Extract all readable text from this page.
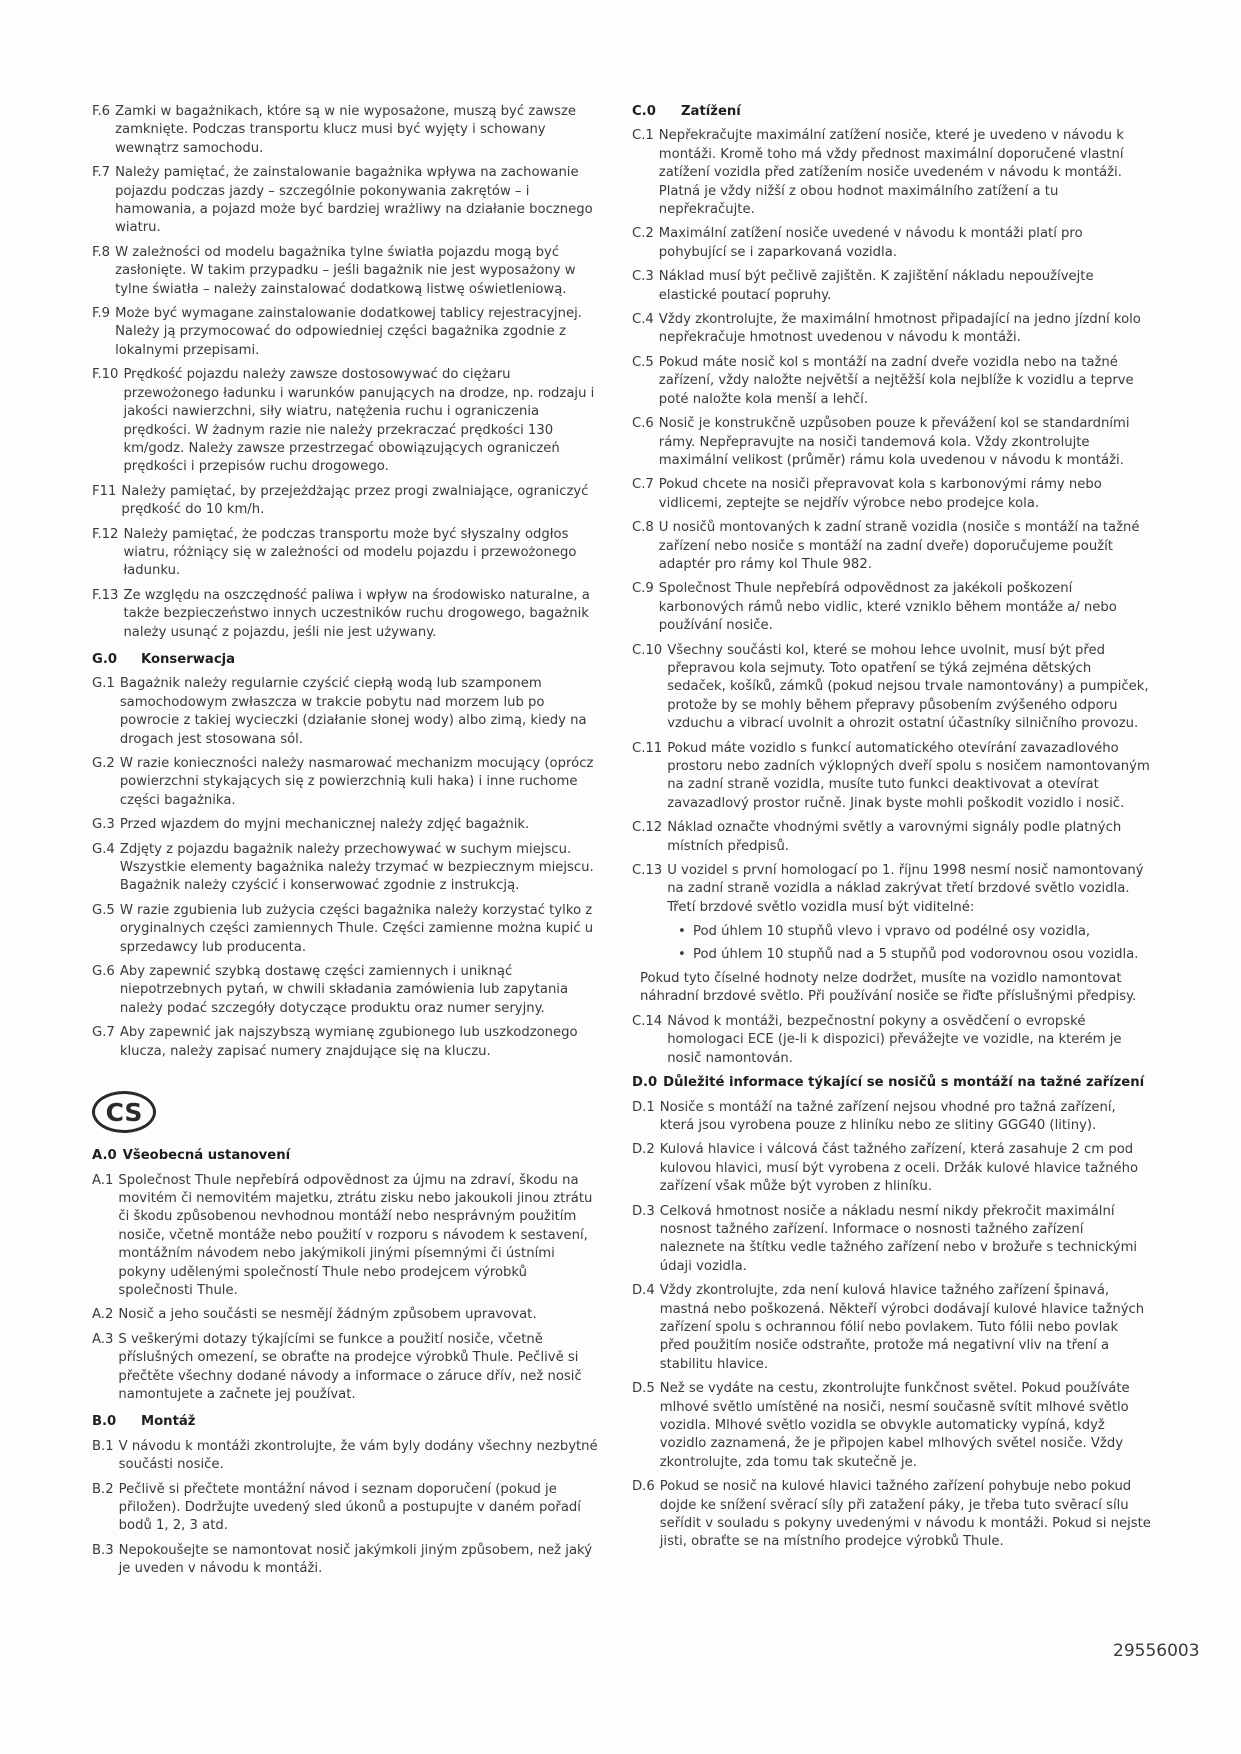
F.6 Zamki w bagażnikach, które są w nie wyposażone, muszą być zawsze zamknięte. Podczas transportu klucz musi być wyjęty i schowany wewnątrz samochodu.
F.7 Należy pamiętać, że zainstalowanie bagażnika wpływa na zachowanie pojazdu podczas jazdy – szczególnie pokonywania zakrętów – i hamowania, a pojazd może być bardziej wrażliwy na działanie bocznego wiatru.
F.8 W zależności od modelu bagażnika tylne światła pojazdu mogą być zasłonięte. W takim przypadku – jeśli bagażnik nie jest wyposażony w tylne światła – należy zainstalować dodatkową listwę oświetleniową.
F.9 Może być wymagane zainstalowanie dodatkowej tablicy rejestracyjnej. Należy ją przymocować do odpowiedniej części bagażnika zgodnie z lokalnymi przepisami.
F.10 Prędkość pojazdu należy zawsze dostosowywać do ciężaru przewożonego ładunku i warunków panujących na drodze, np. rodzaju i jakości nawierzchni, siły wiatru, natężenia ruchu i ograniczenia prędkości. W żadnym razie nie należy przekraczać prędkości 130 km/godz. Należy zawsze przestrzegać obowiązujących ograniczeń prędkości i przepisów ruchu drogowego.
F11 Należy pamiętać, by przejeżdżając przez progi zwalniające, ograniczyć prędkość do 10 km/h.
F.12 Należy pamiętać, że podczas transportu może być słyszalny odgłos wiatru, różniący się w zależności od modelu pojazdu i przewożonego ładunku.
F.13 Ze względu na oszczędność paliwa i wpływ na środowisko naturalne, a także bezpieczeństwo innych uczestników ruchu drogowego, bagażnik należy usunąć z pojazdu, jeśli nie jest używany.
G.0	Konserwacja
G.1 Bagażnik należy regularnie czyścić ciepłą wodą lub szamponem samochodowym zwłaszcza w trakcie pobytu nad morzem lub po powrocie z takiej wycieczki (działanie słonej wody) albo zimą, kiedy na drogach jest stosowana sól.
G.2 W razie konieczności należy nasmarować mechanizm mocujący (oprócz powierzchni stykających się z powierzchnią kuli haka) i inne ruchome części bagażnika.
G.3 Przed wjazdem do myjni mechanicznej należy zdjęć bagażnik.
G.4 Zdjęty z pojazdu bagażnik należy przechowywać w suchym miejscu. Wszystkie elementy bagażnika należy trzymać w bezpiecznym miejscu. Bagażnik należy czyścić i konserwować zgodnie z instrukcją.
G.5 W razie zgubienia lub zużycia części bagażnika należy korzystać tylko z oryginalnych części zamiennych Thule. Części zamienne można kupić u sprzedawcy lub producenta.
G.6 Aby zapewnić szybką dostawę części zamiennych i uniknąć niepotrzebnych pytań, w chwili składania zamówienia lub zapytania należy podać szczegóły dotyczące produktu oraz numer seryjny.
G.7 Aby zapewnić jak najszybszą wymianę zgubionego lub uszkodzonego klucza, należy zapisać numery znajdujące się na kluczu.
CS
A.0 Všeobecná ustanovení
A.1 Společnost Thule nepřebírá odpovědnost za újmu na zdraví, škodu na movitém či nemovitém majetku, ztrátu zisku nebo jakoukoli jinou ztrátu či škodu způsobenou nevhodnou montáží nebo nesprávným použitím nosiče, včetně montáže nebo použití v rozporu s návodem k sestavení, montážním návodem nebo jakýmikoli jinými písemnými či ústními pokyny udělenými společností Thule nebo prodejcem výrobků společnosti Thule.
A.2 Nosič a jeho součásti se nesmějí žádným způsobem upravovat.
A.3 S veškerými dotazy týkajícími se funkce a použití nosiče, včetně příslušných omezení, se obraťte na prodejce výrobků Thule. Pečlivě si přečtěte všechny dodané návody a informace o záruce dřív, než nosič namontujete a začnete jej používat.
B.0	Montáž
B.1 V návodu k montáži zkontrolujte, že vám byly dodány všechny nezbytné součásti nosiče.
B.2 Pečlivě si přečtete montážní návod i seznam doporučení (pokud je přiložen). Dodržujte uvedený sled úkonů a postupujte v daném pořadí bodů 1, 2, 3 atd.
B.3 Nepokoušejte se namontovat nosič jakýmkoli jiným způsobem, než jaký je uveden v návodu k montáži.
C.0	Zatížení
C.1 Nepřekračujte maximální zatížení nosiče, které je uvedeno v návodu k montáži. Kromě toho má vždy přednost maximální doporučené vlastní zatížení vozidla před zatížením nosiče uvedeném v návodu k montáži. Platná je vždy nižší z obou hodnot maximálního zatížení a tu nepřekračujte.
C.2 Maximální zatížení nosiče uvedené v návodu k montáži platí pro pohybující se i zaparkovaná vozidla.
C.3 Náklad musí být pečlivě zajištěn. K zajištění nákladu nepoužívejte elastické poutací popruhy.
C.4 Vždy zkontrolujte, že maximální hmotnost připadající na jedno jízdní kolo nepřekračuje hmotnost uvedenou v návodu k montáži.
C.5 Pokud máte nosič kol s montáží na zadní dveře vozidla nebo na tažné zařízení, vždy naložte největší a nejtěžší kola nejblíže k vozidlu a teprve poté naložte kola menší a lehčí.
C.6 Nosič je konstrukčně uzpůsoben pouze k převážení kol se standardními rámy. Nepřepravujte na nosiči tandemová kola. Vždy zkontrolujte maximální velikost (průměr) rámu kola uvedenou v návodu k montáži.
C.7 Pokud chcete na nosiči přepravovat kola s karbonovými rámy nebo vidlicemi, zeptejte se nejdřív výrobce nebo prodejce kola.
C.8 U nosičů montovaných k zadní straně vozidla (nosiče s montáží na tažné zařízení nebo nosiče s montáží na zadní dveře) doporučujeme použít adaptér pro rámy kol Thule 982.
C.9 Společnost Thule nepřebírá odpovědnost za jakékoli poškození karbonových rámů nebo vidlic, které vzniklo během montáže a/ nebo používání nosiče.
C.10 Všechny součásti kol, které se mohou lehce uvolnit, musí být před přepravou kola sejmuty. Toto opatření se týká zejména dětských sedaček, košíků, zámků (pokud nejsou trvale namontovány) a pumpiček, protože by se mohly během přepravy působením zvýšeného odporu vzduchu a vibrací uvolnit a ohrozit ostatní účastníky silničního provozu.
C.11 Pokud máte vozidlo s funkcí automatického otevírání zavazadlového prostoru nebo zadních výklopných dveří spolu s nosičem namontovaným na zadní straně vozidla, musíte tuto funkci deaktivovat a otevírat zavazadlový prostor ručně. Jinak byste mohli poškodit vozidlo i nosič.
C.12 Náklad označte vhodnými světly a varovnými signály podle platných místních předpisů.
C.13 U vozidel s první homologací po 1. říjnu 1998 nesmí nosič namontovaný na zadní straně vozidla a náklad zakrývat třetí brzdové světlo vozidla. Třetí brzdové světlo vozidla musí být viditelné:
• Pod úhlem 10 stupňů vlevo i vpravo od podélné osy vozidla,
• Pod úhlem 10 stupňů nad a 5 stupňů pod vodorovnou osou vozidla.
Pokud tyto číselné hodnoty nelze dodržet, musíte na vozidlo namontovat náhradní brzdové světlo. Při používání nosiče se řiďte příslušnými předpisy.
C.14 Návod k montáži, bezpečnostní pokyny a osvědčení o evropské homologaci ECE (je-li k dispozici) převážejte ve vozidle, na kterém je nosič namontován.
D.0 Důležité informace týkající se nosičů s montáží na tažné zařízení
D.1 Nosiče s montáží na tažné zařízení nejsou vhodné pro tažná zařízení, která jsou vyrobena pouze z hliníku nebo ze slitiny GGG40 (litiny).
D.2 Kulová hlavice i válcová část tažného zařízení, která zasahuje 2 cm pod kulovou hlavici, musí být vyrobena z oceli. Držák kulové hlavice tažného zařízení však může být vyroben z hliníku.
D.3 Celková hmotnost nosiče a nákladu nesmí nikdy překročit maximální nosnost tažného zařízení. Informace o nosnosti tažného zařízení naleznete na štítku vedle tažného zařízení nebo v brožuře s technickými údaji vozidla.
D.4 Vždy zkontrolujte, zda není kulová hlavice tažného zařízení špinavá, mastná nebo poškozená. Někteří výrobci dodávají kulové hlavice tažných zařízení spolu s ochrannou fólií nebo povlakem. Tuto fólii nebo povlak před použitím nosiče odstraňte, protože má negativní vliv na tření a stabilitu hlavice.
D.5 Než se vydáte na cestu, zkontrolujte funkčnost světel. Pokud používáte mlhové světlo umístěné na nosiči, nesmí současně svítit mlhové světlo vozidla. Mlhové světlo vozidla se obvykle automaticky vypíná, když vozidlo zaznamená, že je připojen kabel mlhových světel nosiče. Vždy zkontrolujte, zda tomu tak skutečně je.
D.6 Pokud se nosič na kulové hlavici tažného zařízení pohybuje nebo pokud dojde ke snížení svěrací síly při zatažení páky, je třeba tuto svěrací sílu seřídit v souladu s pokyny uvedenými v návodu k montáži. Pokud si nejste jisti, obraťte se na místního prodejce výrobků Thule.
29556003
